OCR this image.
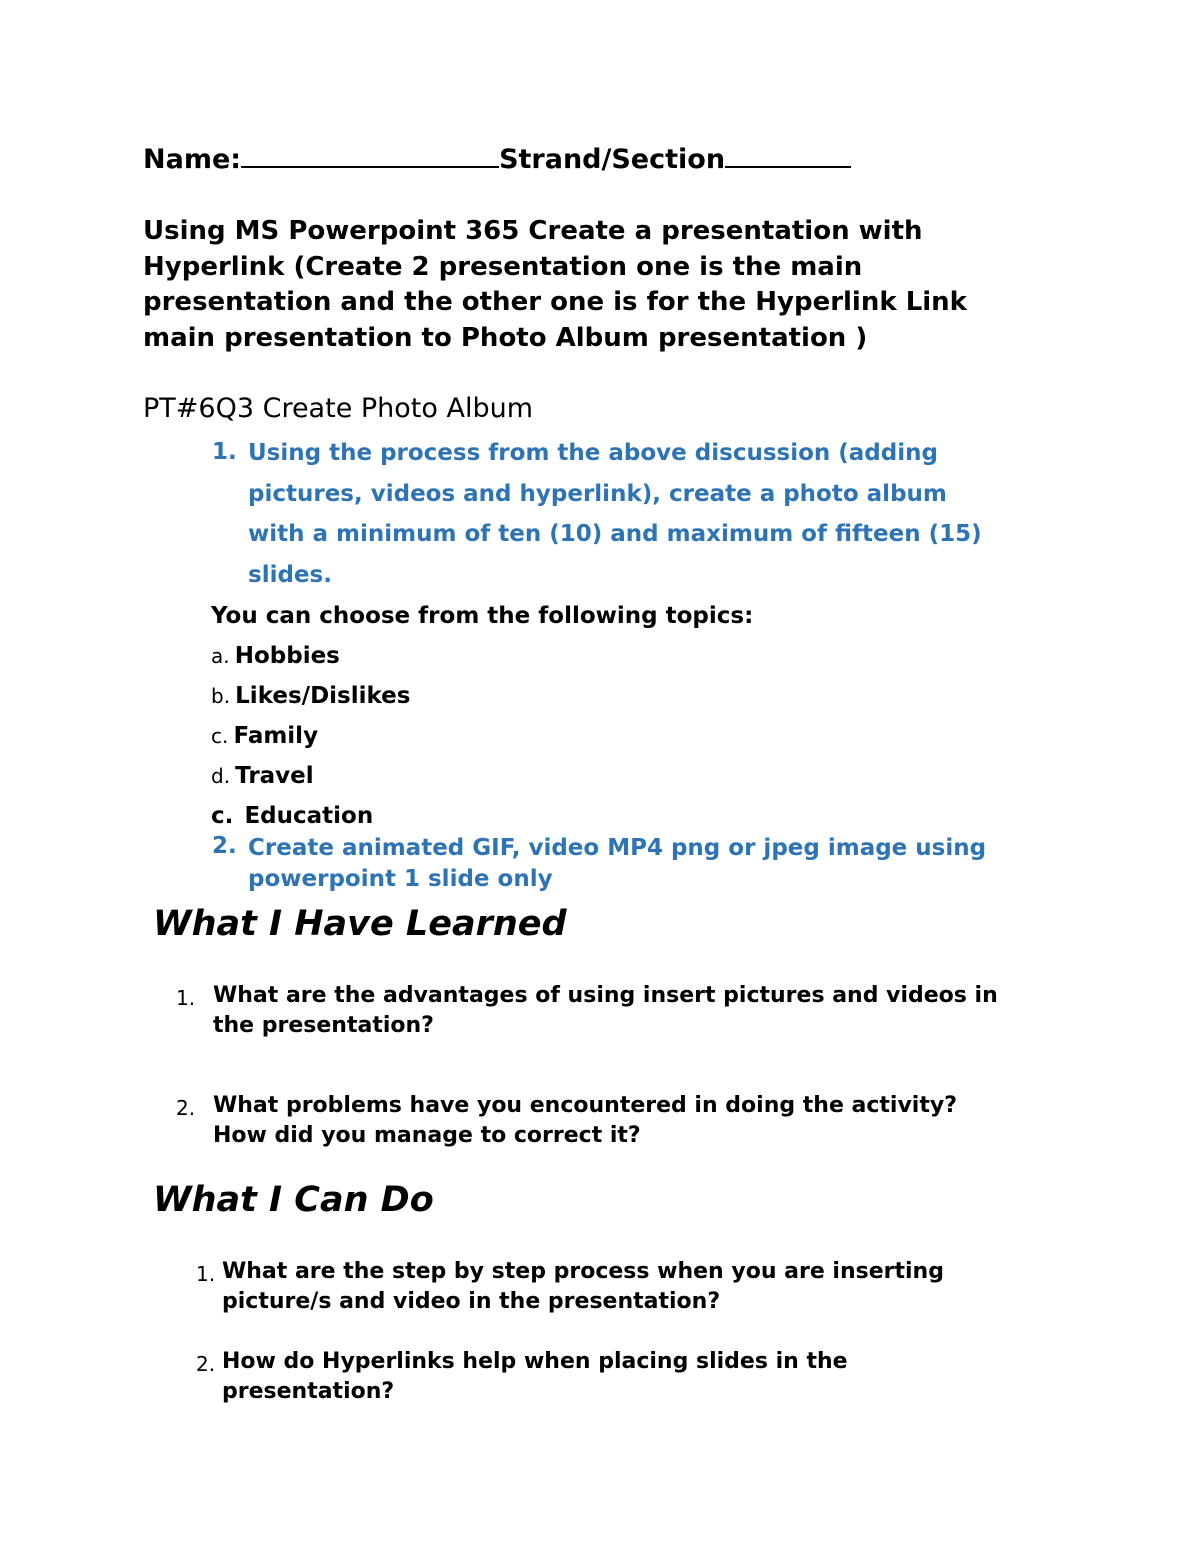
Name:	Strand/Section
Using MS Powerpoint 365 Create a presentation with
Hyperlink (Create 2 presentation one is the main
presentation and the other one is for the Hyperlink Link
main presentation to Photo Album presentation )
PT#6Q3 Create Photo Album
1. Using the process from the above discussion (adding
pictures, videos and hyperlink), create a photo album
with a minimum of ten (10) and maximum of fifteen (15)
slides.
You can choose from the following topics:
a. Hobbies
b. Likes/Dislikes
c. Family
d. Travel
c. Education
2. Create animated GIF, video MP4 png or jpeg image using
powerpoint 1 slide only
What I Have Learned
1. What are the advantages of using insert pictures and videos in
the presentation?
2. What problems have you encountered in doing the activity?
How did you manage to correct it?
What I Can Do
1. What are the step by step process when you are inserting
picture/s and video in the presentation?
2. How do Hyperlinks help when placing slides in the
presentation?
